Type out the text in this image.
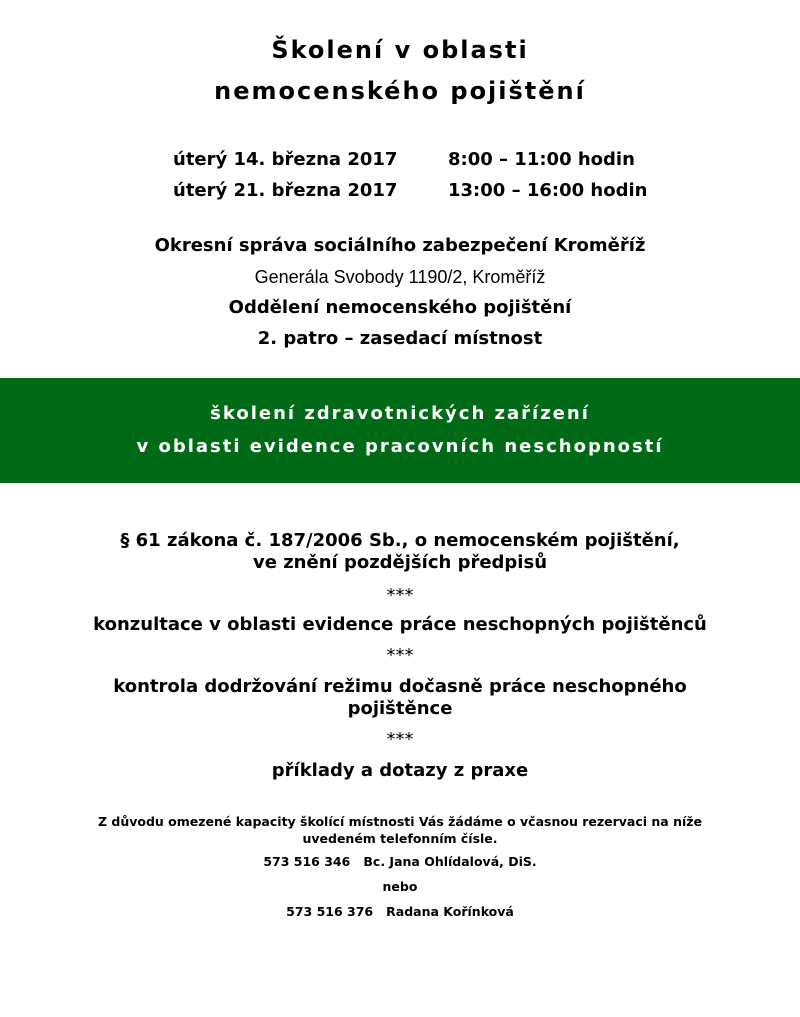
Školení v oblasti
nemocenského pojištění
úterý 14. března 2017	8:00 – 11:00 hodin
úterý 21. března 2017	13:00 – 16:00 hodin
Okresní správa sociálního zabezpečení Kroměříž
Generála Svobody 1190/2, Kroměříž
Oddělení nemocenského pojištění
2. patro – zasedací místnost
školení zdravotnických zařízení
v oblasti evidence pracovních neschopností
§ 61 zákona č. 187/2006 Sb., o nemocenském pojištění,
ve znění pozdějších předpisů
***
konzultace v oblasti evidence práce neschopných pojištěnců
***
kontrola dodržování režimu dočasně práce neschopného
pojištěnce
***
příklady a dotazy z praxe
Z důvodu omezené kapacity školící místnosti Vás žádáme o včasnou rezervaci na níže
uvedeném telefonním čísle.
573 516 346 Bc. Jana Ohlídalová, DiS.
nebo
573 516 376 Radana Kořínková
